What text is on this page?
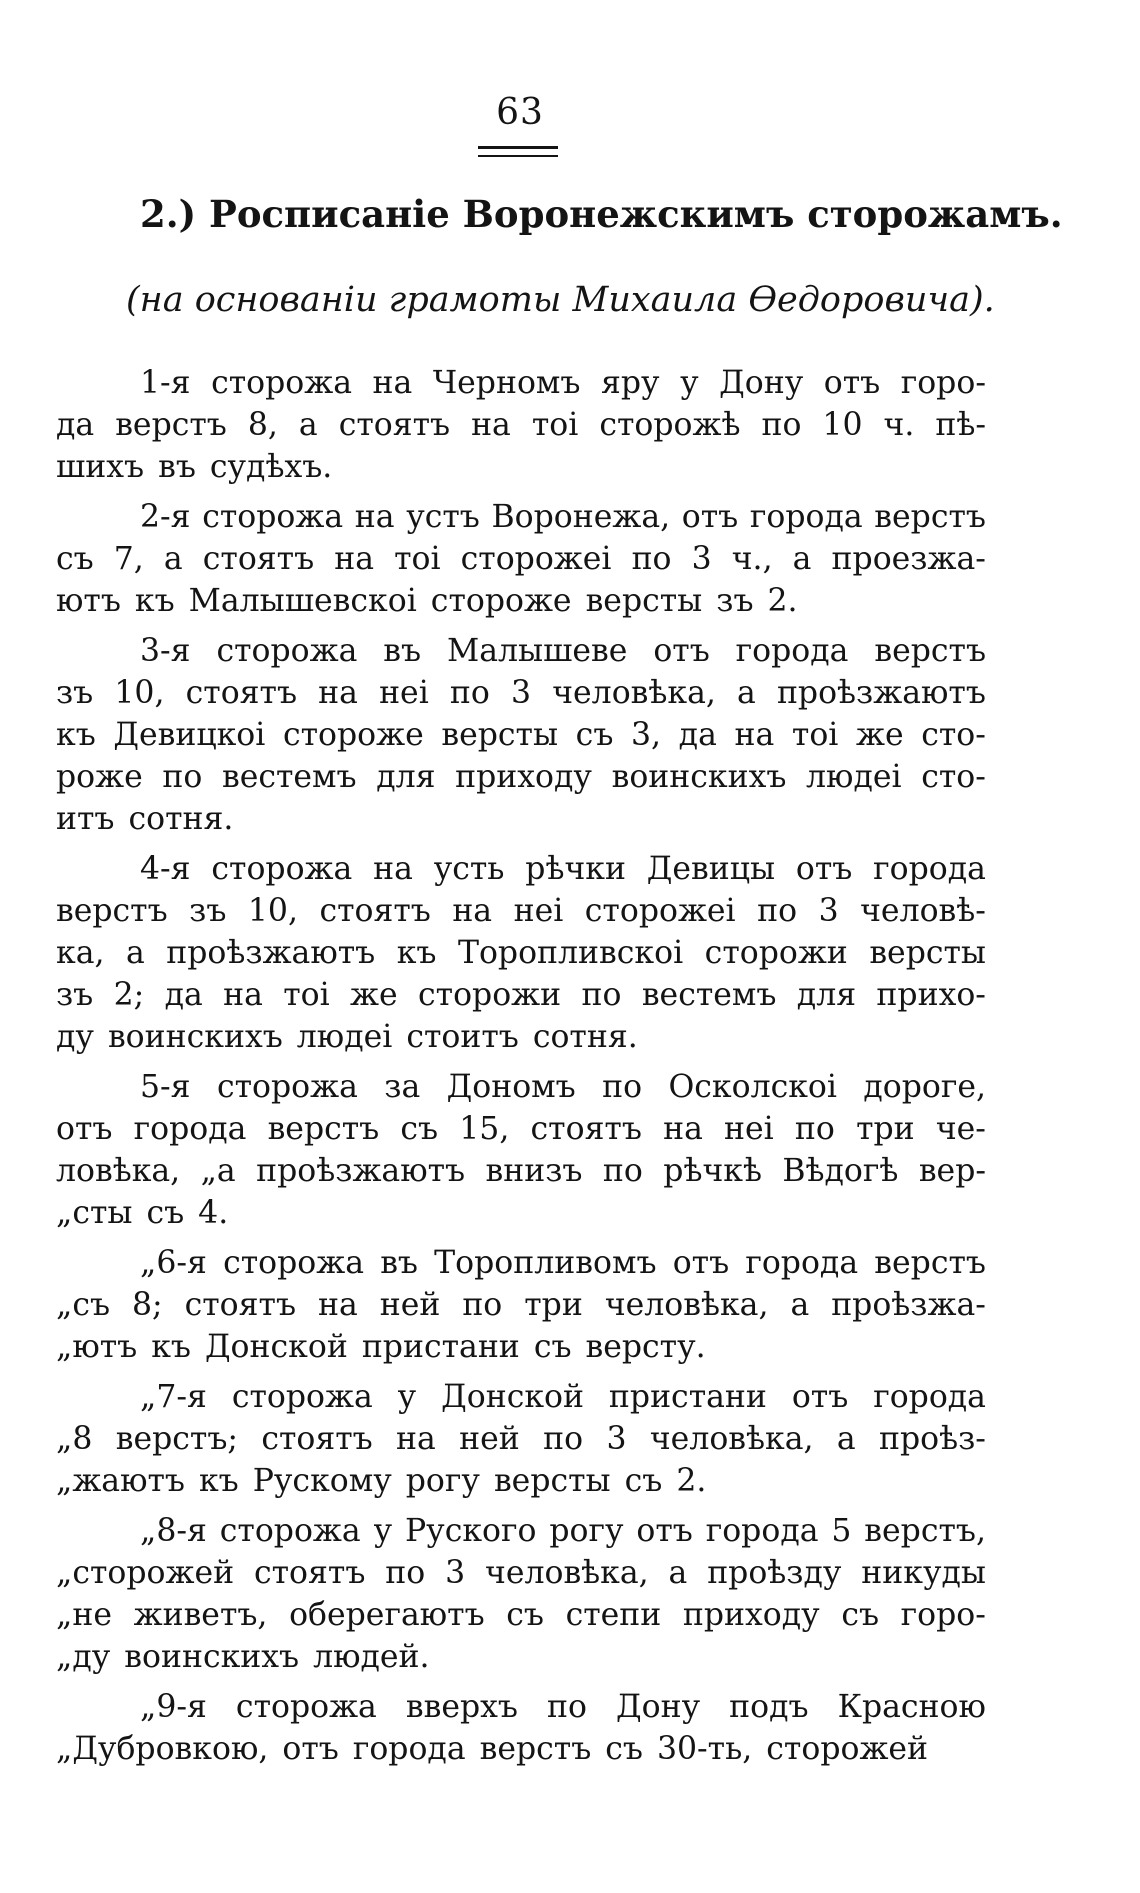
63
2.) Росписаніе Воронежскимъ сторожамъ.
(на основаніи грамоты Михаила Өедоровича).
1-я сторожа на Черномъ яру у Дону отъ горо-
да верстъ 8, а стоятъ на тоі сторожѣ по 10 ч. пѣ-
шихъ въ судѣхъ.
2-я сторожа на устъ Воронежа, отъ города верстъ
съ 7, а стоятъ на тоі сторожеі по 3 ч., а проезжа-
ютъ къ Малышевскоі стороже версты зъ 2.
3-я сторожа въ Малышеве отъ города верстъ
зъ 10, стоятъ на неі по 3 человѣка, а проѣзжаютъ
къ Девицкоі стороже версты съ 3, да на тоі же сто-
роже по вестемъ для приходу воинскихъ людеі сто-
итъ сотня.
4-я сторожа на усть рѣчки Девицы отъ города
верстъ зъ 10, стоятъ на неі сторожеі по 3 человѣ-
ка, а проѣзжаютъ къ Торопливскоі сторожи версты
зъ 2; да на тоі же сторожи по вестемъ для прихо-
ду воинскихъ людеі стоитъ сотня.
5-я сторожа за Дономъ по Осколскоі дороге,
отъ города верстъ съ 15, стоятъ на неі по три че-
ловѣка, „а проѣзжаютъ внизъ по рѣчкѣ Вѣдогѣ вер-
„сты съ 4.
„6-я сторожа въ Торопливомъ отъ города верстъ
„съ 8; стоятъ на ней по три человѣка, а проѣзжа-
„ютъ къ Донской пристани съ версту.
„7-я сторожа у Донской пристани отъ города
„8 верстъ; стоятъ на ней по 3 человѣка, а проѣз-
„жаютъ къ Рускому рогу версты съ 2.
„8-я сторожа у Руского рогу отъ города 5 верстъ,
„сторожей стоятъ по 3 человѣка, а проѣзду никуды
„не живетъ, оберегаютъ съ степи приходу съ горо-
„ду воинскихъ людей.
„9-я сторожа вверхъ по Дону подъ Красною
„Дубровкою, отъ города верстъ съ 30-ть, сторожей
